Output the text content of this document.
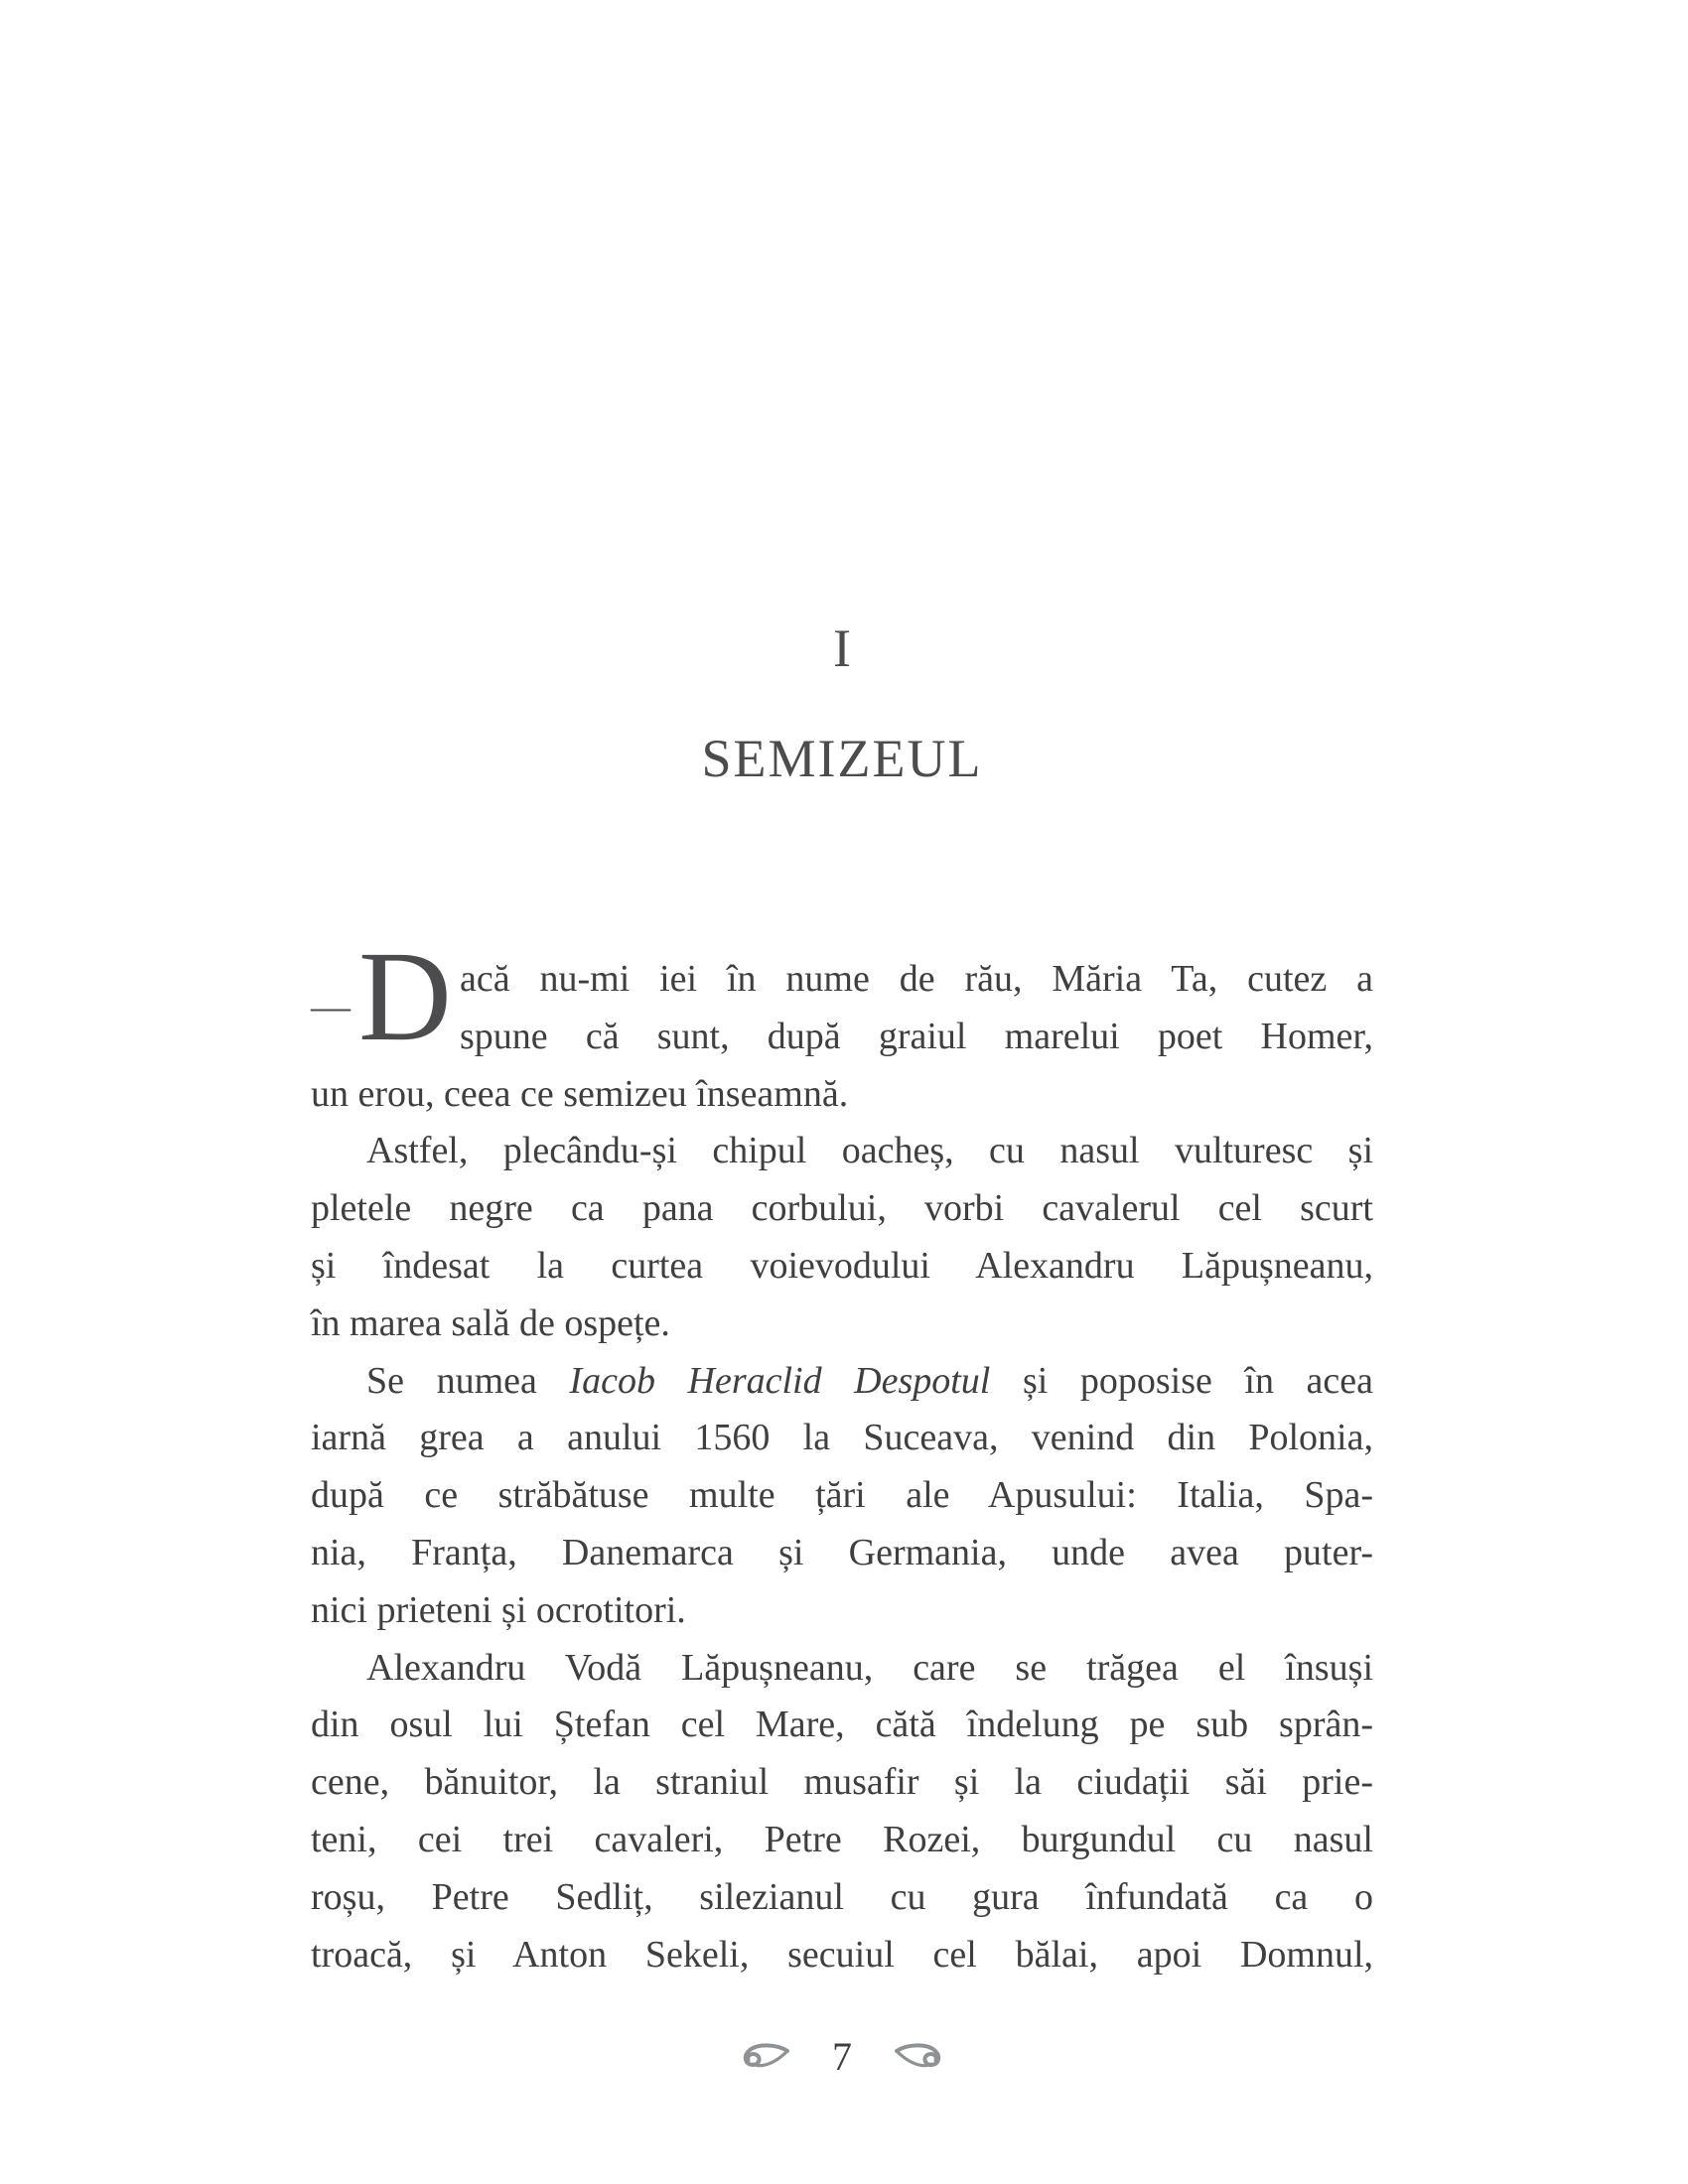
I
SEMIZEUL
— D acă nu-mi iei în nume de rău, Măria Ta, cutez a
spune că sunt, după graiul marelui poet Homer,
un erou, ceea ce semizeu înseamnă.
Astfel, plecându-și chipul oacheș, cu nasul vulturesc și
pletele negre ca pana corbului, vorbi cavalerul cel scurt
și îndesat la curtea voievodului Alexandru Lăpușneanu,
în marea sală de ospețe.
Se numea Iacob Heraclid Despotul și poposise în acea
iarnă grea a anului 1560 la Suceava, venind din Polonia,
după ce străbătuse multe țări ale Apusului: Italia, Spa-
nia, Franța, Danemarca și Germania, unde avea puter-
nici prieteni și ocrotitori.
Alexandru Vodă Lăpușneanu, care se trăgea el însuși
din osul lui Ștefan cel Mare, cătă îndelung pe sub sprân-
cene, bănuitor, la straniul musafir și la ciudații săi prie-
teni, cei trei cavaleri, Petre Rozei, burgundul cu nasul
roșu, Petre Sedliț, silezianul cu gura înfundată ca o
troacă, și Anton Sekeli, secuiul cel bălai, apoi Domnul,
7
